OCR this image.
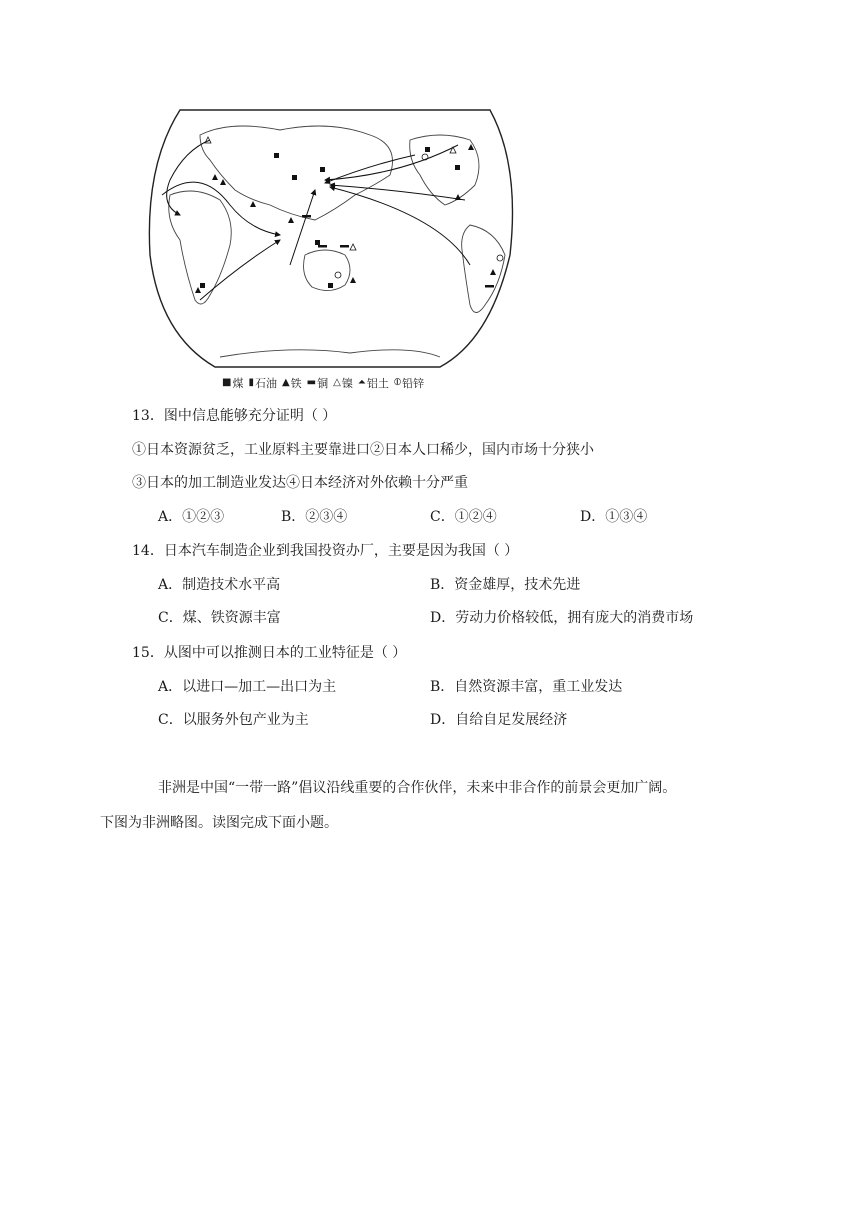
■ 煤 ▮ 石油 ▲ 铁 ▬ 铜 △ 镍 ⏶ 铝土 ⦶ 铅锌
13．图中信息能够充分证明（ ）
①日本资源贫乏，工业原料主要靠进口②日本人口稀少，国内市场十分狭小
③日本的加工制造业发达④日本经济对外依赖十分严重
A．①②③	B．②③④	C．①②④	D．①③④
14．日本汽车制造企业到我国投资办厂，主要是因为我国（ ）
A．制造技术水平高	B．资金雄厚，技术先进
C．煤、铁资源丰富	D．劳动力价格较低，拥有庞大的消费市场
15．从图中可以推测日本的工业特征是（ ）
A．以进口—加工—出口为主	B．自然资源丰富，重工业发达
C．以服务外包产业为主	D．自给自足发展经济
非洲是中国“一带一路”倡议沿线重要的合作伙伴，未来中非合作的前景会更加广阔。
下图为非洲略图。读图完成下面小题。
